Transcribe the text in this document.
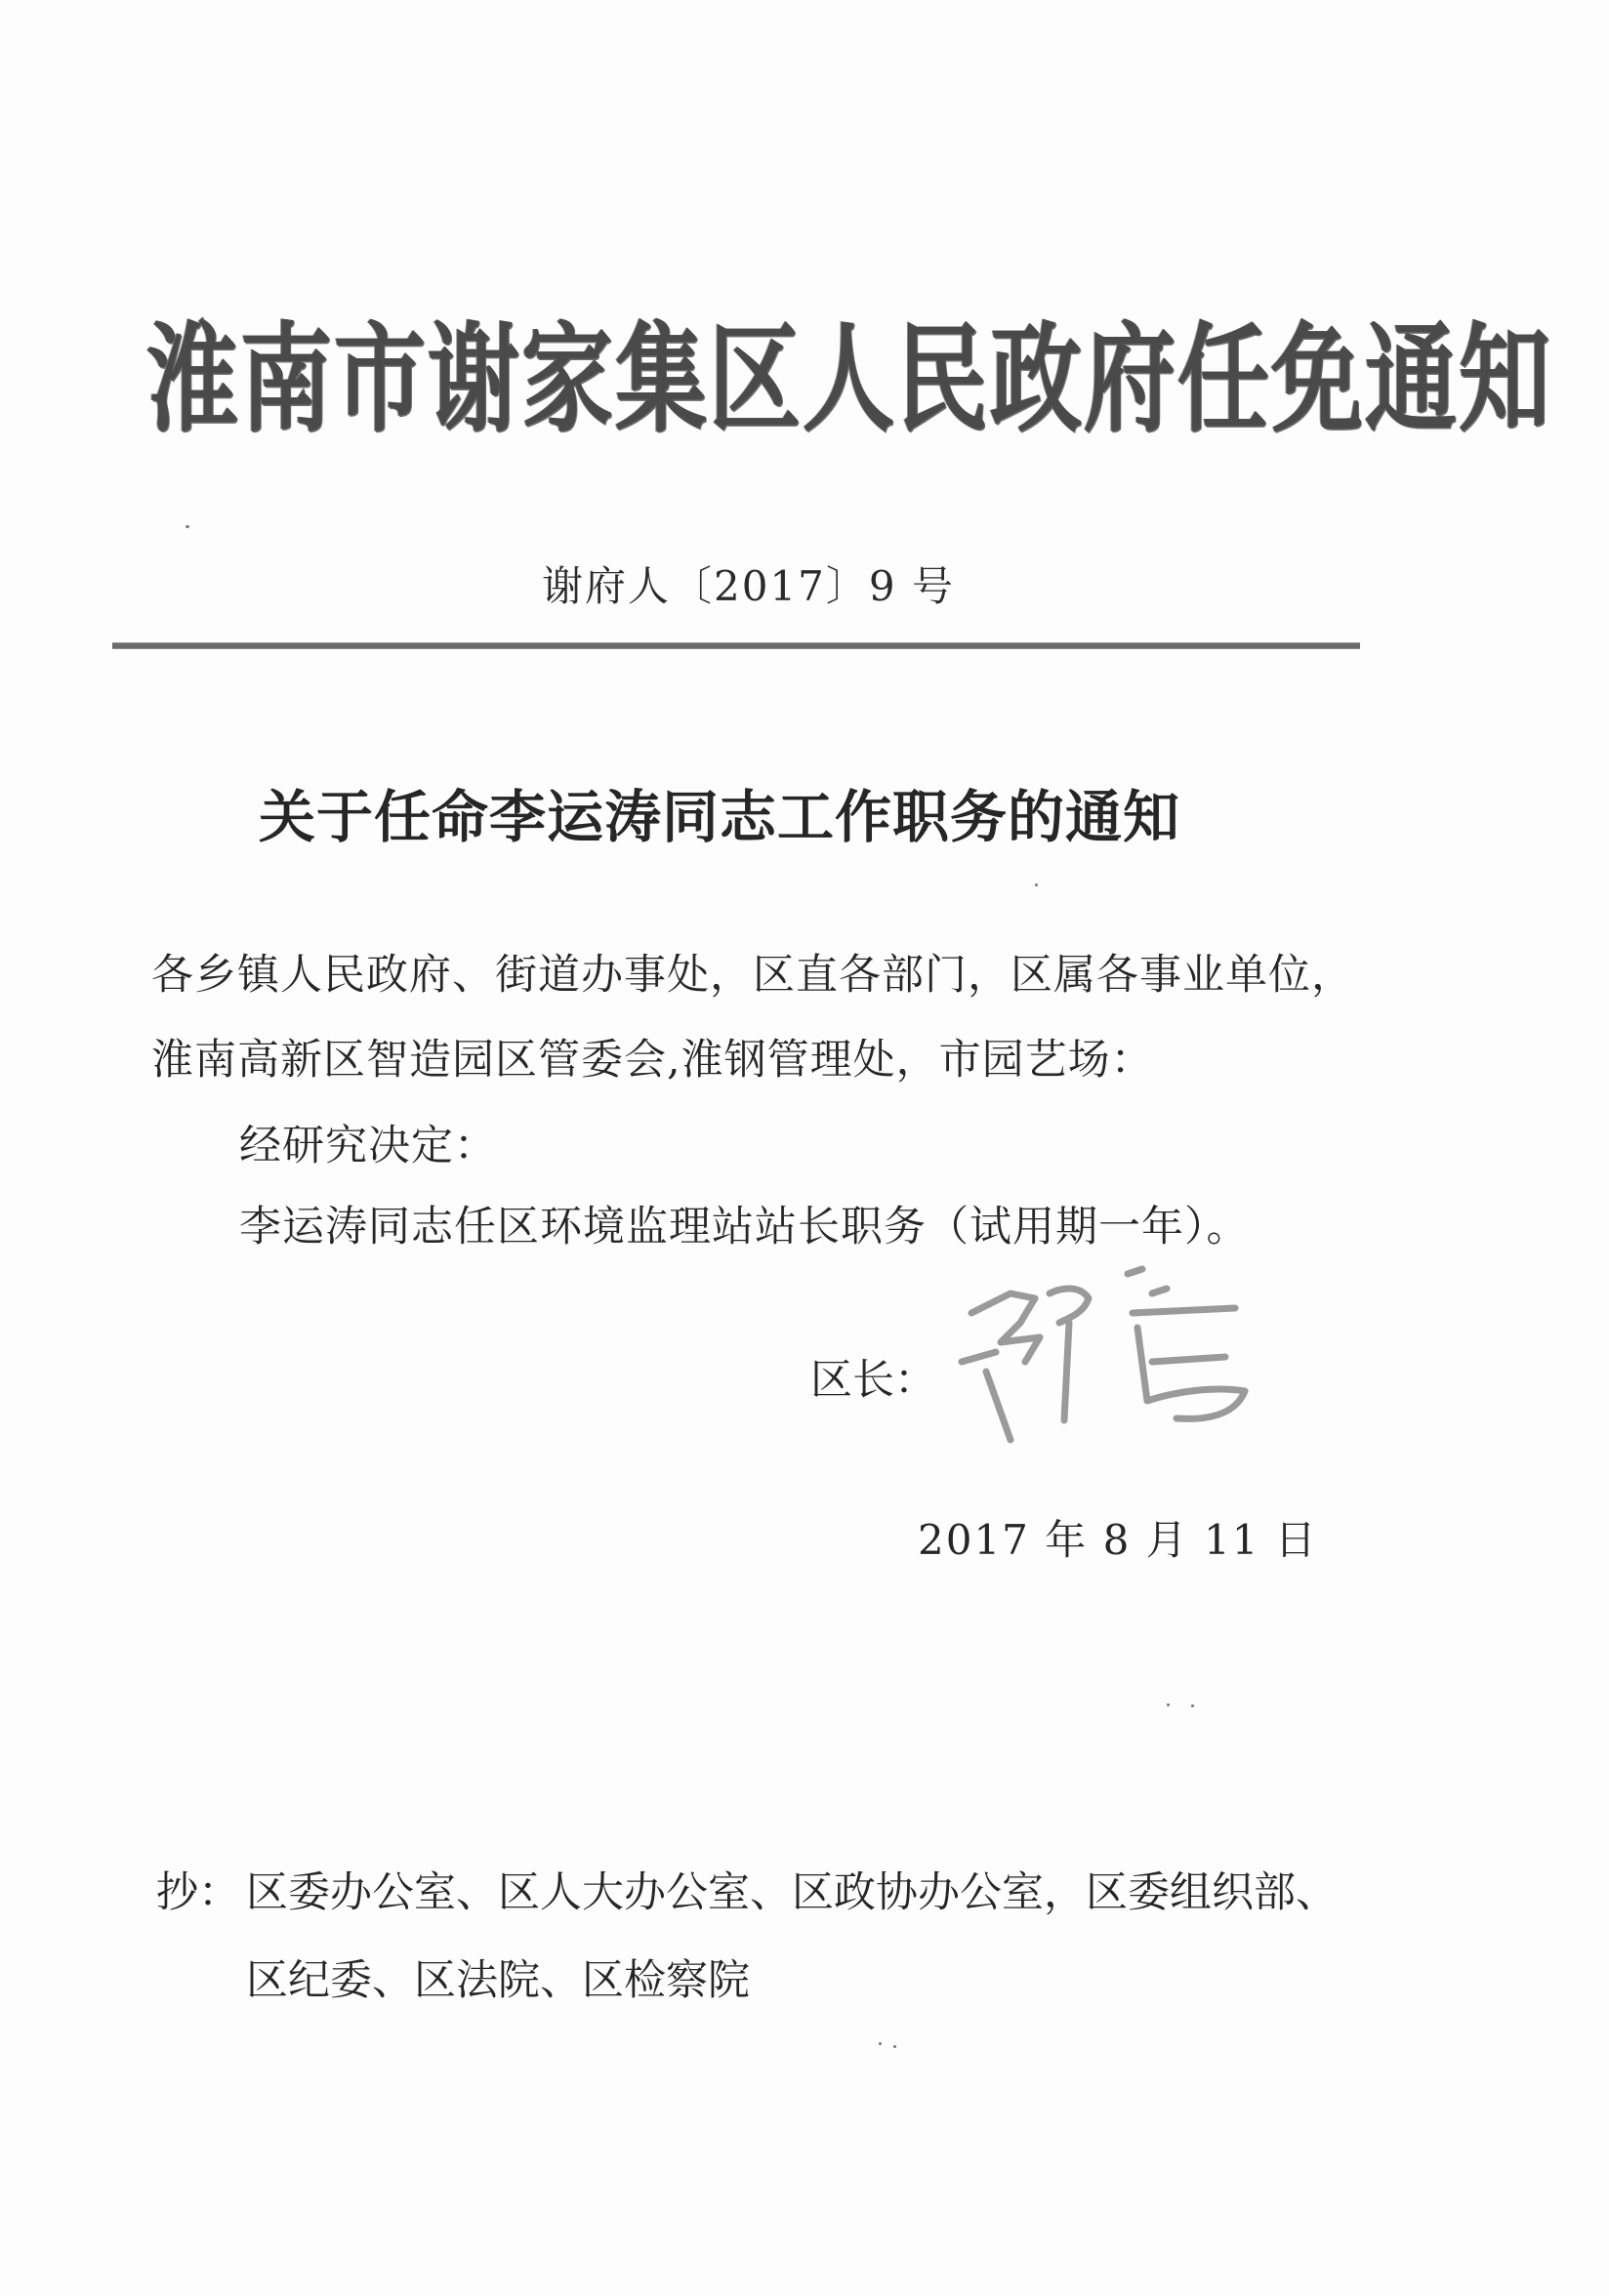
淮南市谢家集区人民政府任免通知
谢府人〔2017〕9 号
关于任命李运涛同志工作职务的通知
各乡镇人民政府、街道办事处，区直各部门，区属各事业单位，
淮南高新区智造园区管委会,淮钢管理处，市园艺场：
经研究决定：
李运涛同志任区环境监理站站长职务（试用期一年）。
区长：
2017 年 8 月 11 日
抄： 区委办公室、区人大办公室、区政协办公室，区委组织部、
区纪委、区法院、区检察院
